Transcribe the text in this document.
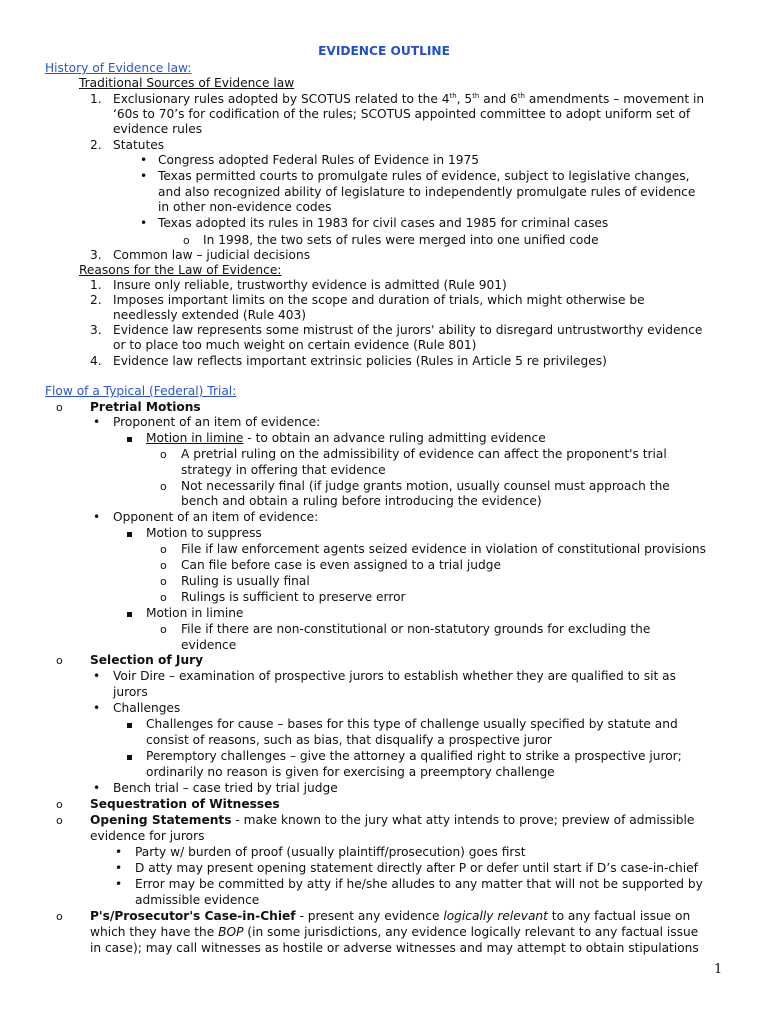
EVIDENCE OUTLINE
History of Evidence law:
Traditional Sources of Evidence law
1. Exclusionary rules adopted by SCOTUS related to the 4th, 5th and 6th amendments – movement in
‘60s to 70’s for codification of the rules; SCOTUS appointed committee to adopt uniform set of
evidence rules
2. Statutes
• Congress adopted Federal Rules of Evidence in 1975
• Texas permitted courts to promulgate rules of evidence, subject to legislative changes,
and also recognized ability of legislature to independently promulgate rules of evidence
in other non-evidence codes
• Texas adopted its rules in 1983 for civil cases and 1985 for criminal cases
o In 1998, the two sets of rules were merged into one unified code
3. Common law – judicial decisions
Reasons for the Law of Evidence:
1. Insure only reliable, trustworthy evidence is admitted (Rule 901)
2. Imposes important limits on the scope and duration of trials, which might otherwise be
needlessly extended (Rule 403)
3. Evidence law represents some mistrust of the jurors' ability to disregard untrustworthy evidence
or to place too much weight on certain evidence (Rule 801)
4. Evidence law reflects important extrinsic policies (Rules in Article 5 re privileges)
Flow of a Typical (Federal) Trial:
o Pretrial Motions
• Proponent of an item of evidence:
Motion in limine - to obtain an advance ruling admitting evidence
o A pretrial ruling on the admissibility of evidence can affect the proponent's trial
strategy in offering that evidence
o Not necessarily final (if judge grants motion, usually counsel must approach the
bench and obtain a ruling before introducing the evidence)
• Opponent of an item of evidence:
Motion to suppress
o File if law enforcement agents seized evidence in violation of constitutional provisions
o Can file before case is even assigned to a trial judge
o Ruling is usually final
o Rulings is sufficient to preserve error
Motion in limine
o File if there are non-constitutional or non-statutory grounds for excluding the
evidence
o Selection of Jury
• Voir Dire – examination of prospective jurors to establish whether they are qualified to sit as
jurors
• Challenges
Challenges for cause – bases for this type of challenge usually specified by statute and
consist of reasons, such as bias, that disqualify a prospective juror
Peremptory challenges – give the attorney a qualified right to strike a prospective juror;
ordinarily no reason is given for exercising a preemptory challenge
• Bench trial – case tried by trial judge
o Sequestration of Witnesses
o Opening Statements - make known to the jury what atty intends to prove; preview of admissible
evidence for jurors
• Party w/ burden of proof (usually plaintiff/prosecution) goes first
• D atty may present opening statement directly after P or defer until start if D’s case-in-chief
• Error may be committed by atty if he/she alludes to any matter that will not be supported by
admissible evidence
o P's/Prosecutor's Case-in-Chief - present any evidence logically relevant to any factual issue on
which they have the BOP (in some jurisdictions, any evidence logically relevant to any factual issue
in case); may call witnesses as hostile or adverse witnesses and may attempt to obtain stipulations
1
